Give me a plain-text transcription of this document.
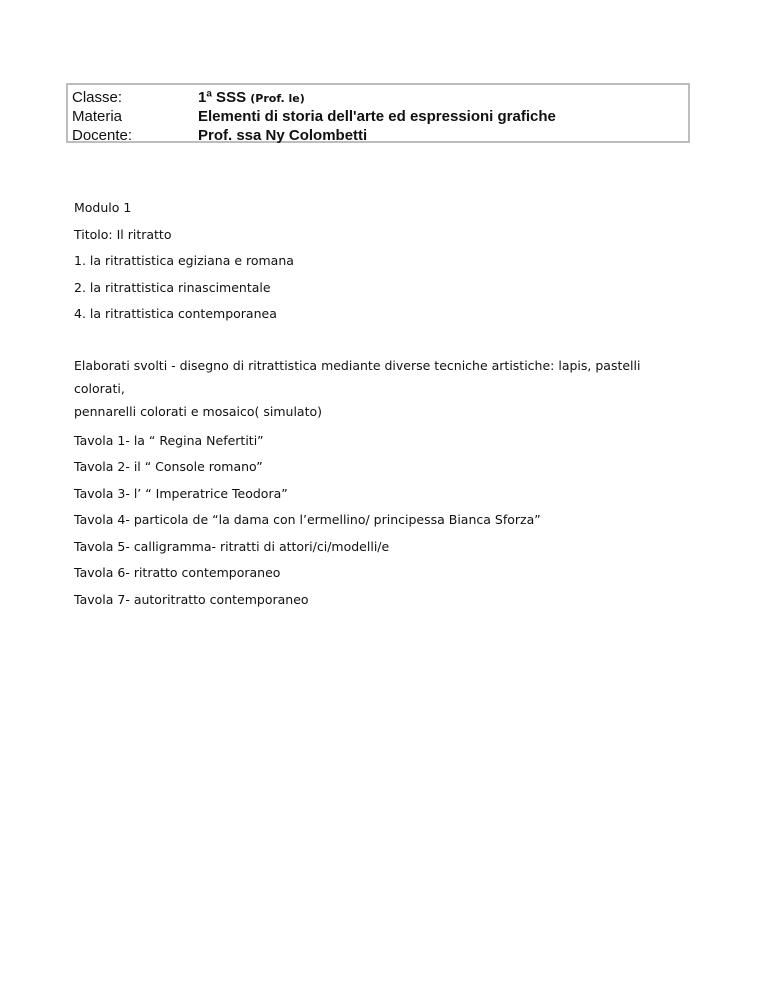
Classe:	1ª SSS (Prof. le)
Materia	Elementi di storia dell'arte ed espressioni grafiche
Docente:	Prof. ssa Ny Colombetti

Modulo 1

Titolo: Il ritratto

1. la ritrattistica egiziana e romana

2. la ritrattistica rinascimentale

4. la ritrattistica contemporanea

Elaborati svolti - disegno di ritrattistica mediante diverse tecniche artistiche: lapis, pastelli colorati,
pennarelli colorati e mosaico( simulato)

Tavola 1- la “ Regina Nefertiti”

Tavola 2- il “ Console romano”

Tavola 3- l’ “ Imperatrice Teodora”

Tavola 4- particola de “la dama con l’ermellino/ principessa Bianca Sforza”

Tavola 5- calligramma- ritratti di attori/ci/modelli/e

Tavola 6- ritratto contemporaneo

Tavola 7- autoritratto contemporaneo
